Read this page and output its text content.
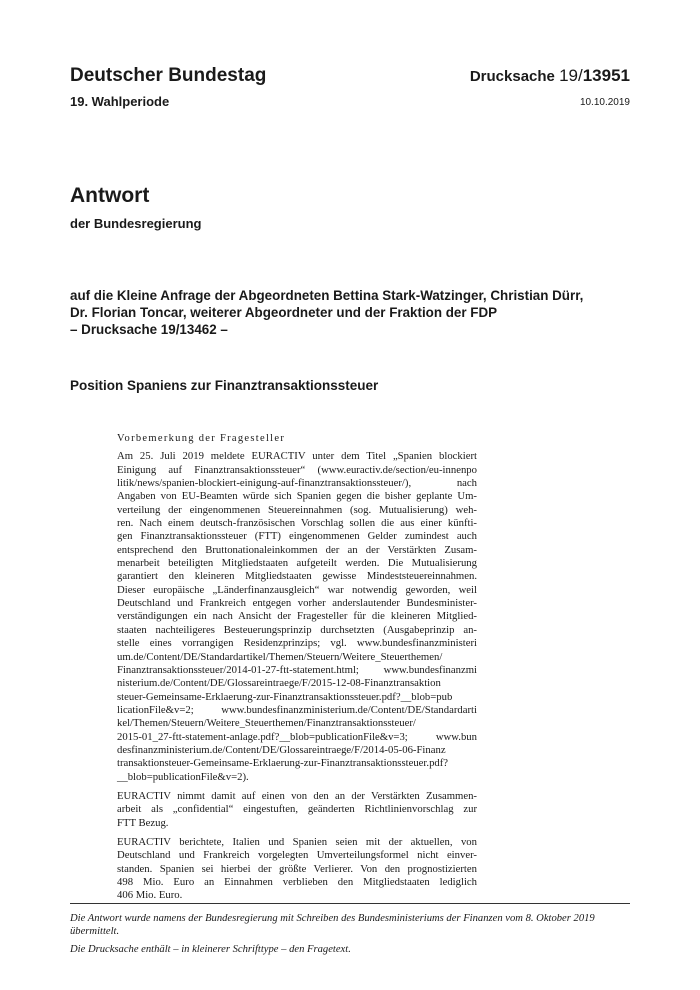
Deutscher Bundestag
19. Wahlperiode
Drucksache 19/13951
10.10.2019
Antwort
der Bundesregierung
auf die Kleine Anfrage der Abgeordneten Bettina Stark-Watzinger, Christian Dürr,
Dr. Florian Toncar, weiterer Abgeordneter und der Fraktion der FDP
– Drucksache 19/13462 –
Position Spaniens zur Finanztransaktionssteuer
Vorbemerkung der Fragesteller
Am 25. Juli 2019 meldete EURACTIV unter dem Titel „Spanien blockiert
Einigung auf Finanztransaktionssteuer“ (www.euractiv.de/section/eu-innenpo
litik/news/spanien-blockiert-einigung-auf-finanztransaktionssteuer/), nach
Angaben von EU-Beamten würde sich Spanien gegen die bisher geplante Um-
verteilung der eingenommenen Steuereinnahmen (sog. Mutualisierung) weh-
ren. Nach einem deutsch-französischen Vorschlag sollen die aus einer künfti-
gen Finanztransaktionssteuer (FTT) eingenommenen Gelder zumindest auch
entsprechend den Bruttonationaleinkommen der an der Verstärkten Zusam-
menarbeit beteiligten Mitgliedstaaten aufgeteilt werden. Die Mutualisierung
garantiert den kleineren Mitgliedstaaten gewisse Mindeststeuereinnahmen.
Dieser europäische „Länderfinanzausgleich“ war notwendig geworden, weil
Deutschland und Frankreich entgegen vorher anderslautender Bundesminister-
verständigungen ein nach Ansicht der Fragesteller für die kleineren Mitglied-
staaten nachteiligeres Besteuerungsprinzip durchsetzten (Ausgabeprinzip an-
stelle eines vorrangigen Residenzprinzips; vgl. www.bundesfinanzministeri
um.de/Content/DE/Standardartikel/Themen/Steuern/Weitere_Steuerthemen/
Finanztransaktionssteuer/2014-01-27-ftt-statement.html; www.bundesfinanzmi
nisterium.de/Content/DE/Glossareintraege/F/2015-12-08-Finanztransaktion
steuer-Gemeinsame-Erklaerung-zur-Finanztransaktionssteuer.pdf?__blob=pub
licationFile&v=2; www.bundesfinanzministerium.de/Content/DE/Standardarti
kel/Themen/Steuern/Weitere_Steuerthemen/Finanztransaktionssteuer/
2015-01_27-ftt-statement-anlage.pdf?__blob=publicationFile&v=3; www.bun
desfinanzministerium.de/Content/DE/Glossareintraege/F/2014-05-06-Finanz
transaktionsteuer-Gemeinsame-Erklaerung-zur-Finanztransaktionssteuer.pdf?
__blob=publicationFile&v=2).
EURACTIV nimmt damit auf einen von den an der Verstärkten Zusammen-
arbeit als „confidential“ eingestuften, geänderten Richtlinienvorschlag zur
FTT Bezug.
EURACTIV berichtete, Italien und Spanien seien mit der aktuellen, von
Deutschland und Frankreich vorgelegten Umverteilungsformel nicht einver-
standen. Spanien sei hierbei der größte Verlierer. Von den prognostizierten
498 Mio. Euro an Einnahmen verblieben den Mitgliedstaaten lediglich
406 Mio. Euro.
Die Antwort wurde namens der Bundesregierung mit Schreiben des Bundesministeriums der Finanzen vom 8. Oktober 2019
übermittelt.
Die Drucksache enthält – in kleinerer Schrifttype – den Fragetext.
